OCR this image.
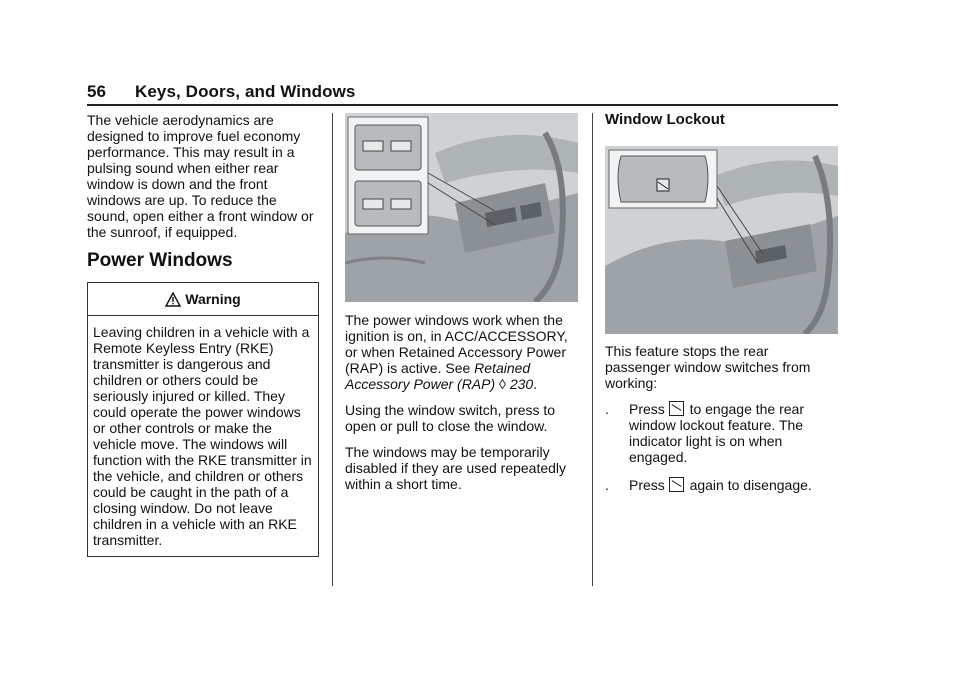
56 Keys, Doors, and Windows

The vehicle aerodynamics are designed to improve fuel economy performance. This may result in a pulsing sound when either rear window is down and the front windows are up. To reduce the sound, open either a front window or the sunroof, if equipped.

Power Windows

Warning
Leaving children in a vehicle with a Remote Keyless Entry (RKE) transmitter is dangerous and children or others could be seriously injured or killed. They could operate the power windows or other controls or make the vehicle move. The windows will function with the RKE transmitter in the vehicle, and children or others could be caught in the path of a closing window. Do not leave children in a vehicle with an RKE transmitter.

The power windows work when the ignition is on, in ACC/ACCESSORY, or when Retained Accessory Power (RAP) is active. See Retained Accessory Power (RAP) ◊ 230.

Using the window switch, press to open or pull to close the window.

The windows may be temporarily disabled if they are used repeatedly within a short time.

Window Lockout

This feature stops the rear passenger window switches from working:

. Press to engage the rear window lockout feature. The indicator light is on when engaged.
. Press again to disengage.
